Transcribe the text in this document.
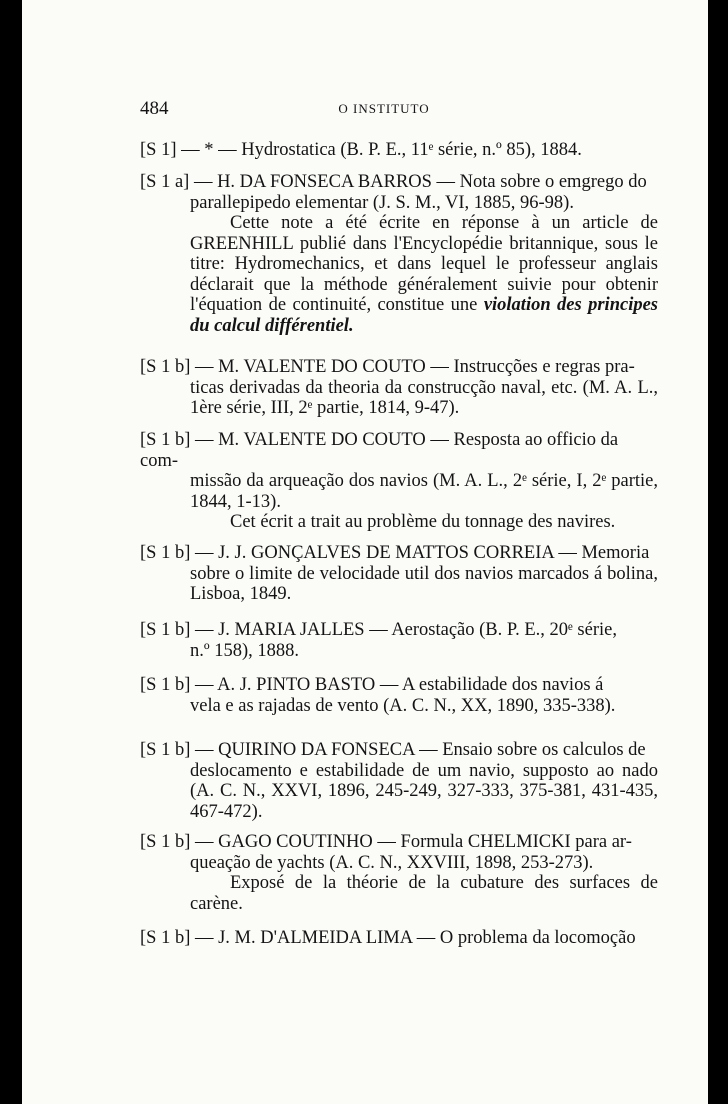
484	O INSTITUTO
[S 1] — * — Hydrostatica (B. P. E., 11ᵉ série, n.º 85), 1884.
[S 1 a] — H. DA FONSECA BARROS — Nota sobre o emgrego do
parallepipedo elementar (J. S. M., VI, 1885, 96-98).
Cette note a été écrite en réponse à un article de GREENHILL publié dans l'Encyclopédie britannique, sous le titre: Hydromechanics, et dans lequel le professeur anglais déclarait que la méthode généralement suivie pour obtenir l'équation de continuité, constitue une violation des principes du calcul différentiel.
[S 1 b] — M. VALENTE DO COUTO — Instrucções e regras pra-
ticas derivadas da theoria da construcção naval, etc. (M. A. L., 1ère série, III, 2ᵉ partie, 1814, 9-47).
[S 1 b] — M. VALENTE DO COUTO — Resposta ao officio da com-
missão da arqueação dos navios (M. A. L., 2ᵉ série, I, 2ᵉ partie, 1844, 1-13).
Cet écrit a trait au problème du tonnage des navires.
[S 1 b] — J. J. GONÇALVES DE MATTOS CORREIA — Memoria
sobre o limite de velocidade util dos navios marcados á bolina, Lisboa, 1849.
[S 1 b] — J. MARIA JALLES — Aerostação (B. P. E., 20ᵉ série,
n.º 158), 1888.
[S 1 b] — A. J. PINTO BASTO — A estabilidade dos navios á
vela e as rajadas de vento (A. C. N., XX, 1890, 335-338).
[S 1 b] — QUIRINO DA FONSECA — Ensaio sobre os calculos de
deslocamento e estabilidade de um navio, supposto ao nado (A. C. N., XXVI, 1896, 245-249, 327-333, 375-381, 431-435, 467-472).
[S 1 b] — GAGO COUTINHO — Formula CHELMICKI para ar-
queação de yachts (A. C. N., XXVIII, 1898, 253-273).
Exposé de la théorie de la cubature des surfaces de carène.
[S 1 b] — J. M. D'ALMEIDA LIMA — O problema da locomoção
